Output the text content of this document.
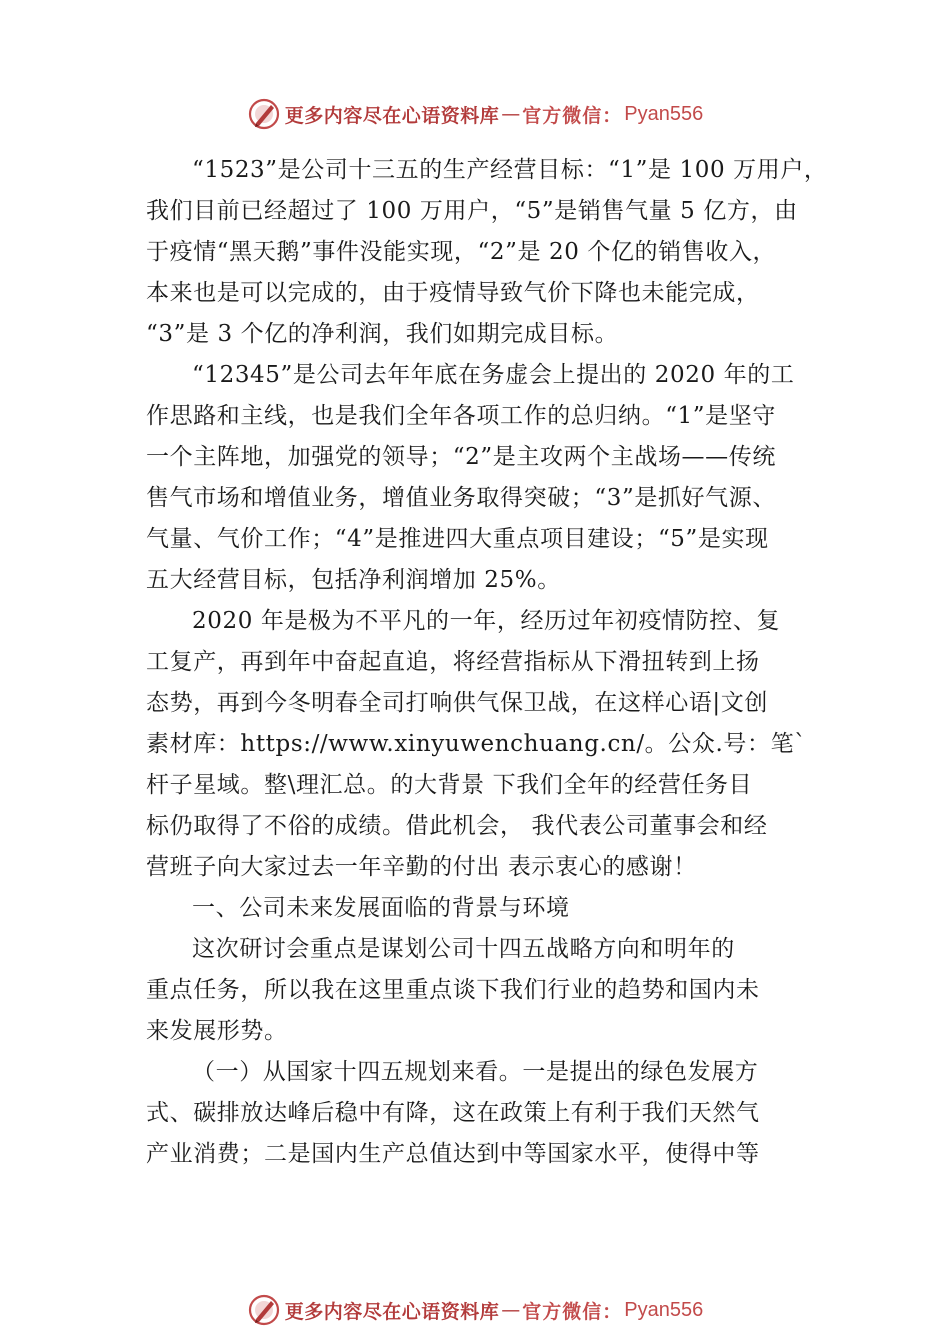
更多内容尽在心语资料库 — 官方微信： Pyan556
“1523”是公司十三五的生产经营目标：“1”是 100 万用户，
我们目前已经超过了 100 万用户，“5”是销售气量 5 亿方，由
于疫情“黑天鹅”事件没能实现，“2”是 20 个亿的销售收入，
本来也是可以完成的，由于疫情导致气价下降也未能完成，
“3”是 3 个亿的净利润，我们如期完成目标。
“12345”是公司去年年底在务虚会上提出的 2020 年的工
作思路和主线，也是我们全年各项工作的总归纳。“1”是坚守
一个主阵地，加强党的领导；“2”是主攻两个主战场——传统
售气市场和增值业务，增值业务取得突破；“3”是抓好气源、
气量、气价工作；“4”是推进四大重点项目建设；“5”是实现
五大经营目标，包括净利润增加 25%。
2020 年是极为不平凡的一年，经历过年初疫情防控、复
工复产，再到年中奋起直追，将经营指标从下滑扭转到上扬
态势，再到今冬明春全司打响供气保卫战，在这样心语|文创
素材库：https://www.xinyuwenchuang.cn/。公众.号：笔`
杆子星域。整\理汇总。的大背景 下我们全年的经营任务目
标仍取得了不俗的成绩。借此机会， 我代表公司董事会和经
营班子向大家过去一年辛勤的付出 表示衷心的感谢！
一、公司未来发展面临的背景与环境
这次研讨会重点是谋划公司十四五战略方向和明年的
重点任务，所以我在这里重点谈下我们行业的趋势和国内未
来发展形势。
（一）从国家十四五规划来看。一是提出的绿色发展方
式、碳排放达峰后稳中有降，这在政策上有利于我们天然气
产业消费；二是国内生产总值达到中等国家水平，使得中等
更多内容尽在心语资料库 — 官方微信： Pyan556
